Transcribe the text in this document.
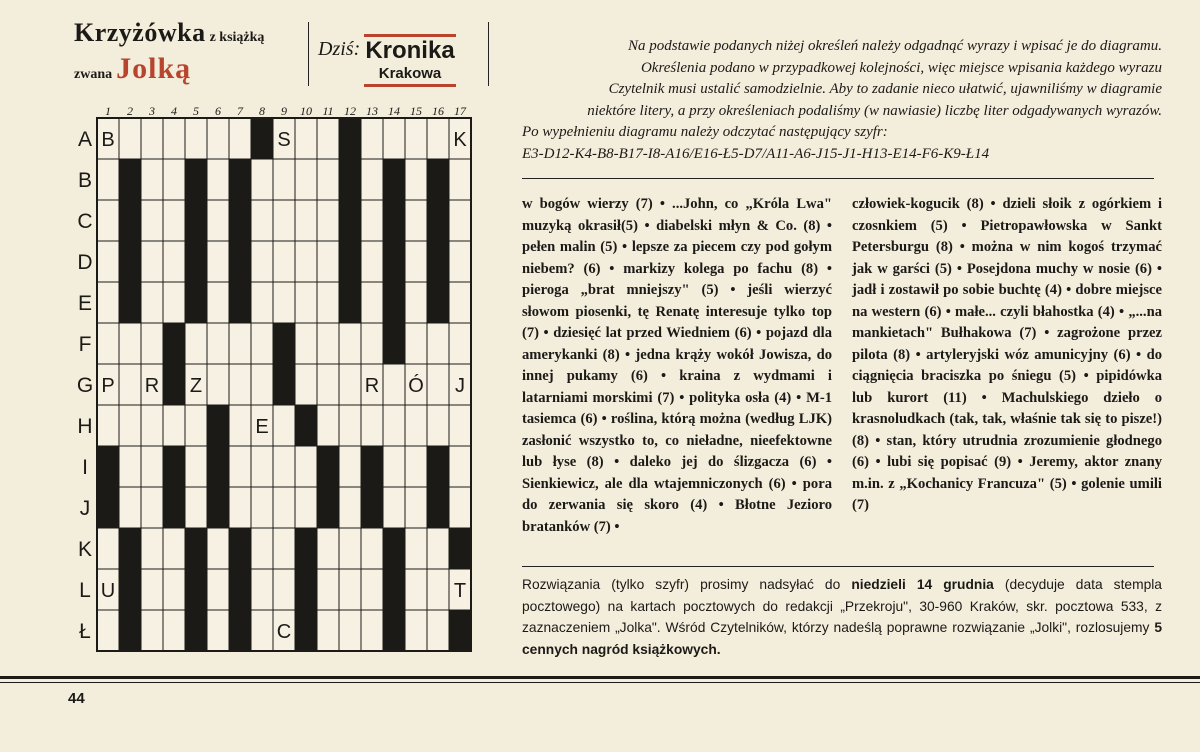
Krzyżówka z książką
zwana Jolką
Dziś: Kronika
Krakowa
Na podstawie podanych niżej określeń należy odgadnąć wyrazy i wpisać je do diagramu.
Określenia podano w przypadkowej kolejności, więc miejsce wpisania każdego wyrazu
Czytelnik musi ustalić samodzielnie. Aby to zadanie nieco ułatwić, ujawniliśmy w diagramie
niektóre litery, a przy określeniach podaliśmy (w nawiasie) liczbę liter odgadywanych wyrazów.
Po wypełnieniu diagramu należy odczytać następujący szyfr:
E3-D12-K4-B8-B17-I8-A16/E16-Ł5-D7/A11-A6-J15-J1-H13-E14-F6-K9-Ł14
1	2	3	4	5	6	7	8	9	10 11 12 13 14 15 16 17
A
B
C
D
E
F
G
H
I
J
K
L
Ł
B	S	K
P R Z	R Ó J
E K
U	T
C
w bogów wierzy (7) • ...John, co „Króla Lwa" muzyką okrasił(5) • diabelski młyn & Co. (8) • pełen malin (5) • lepsze za piecem czy pod gołym niebem? (6) • markizy kolega po fachu (8) • pieroga „brat mniejszy" (5) • jeśli wierzyć słowom piosenki, tę Renatę interesuje tylko top (7) • dziesięć lat przed Wiedniem (6) • pojazd dla amerykanki (8) • jedna krąży wokół Jowisza, do innej pukamy (6) • kraina z wydmami i latarniami morskimi (7) • polityka osła (4) • M-1 tasiemca (6) • roślina, którą można (według LJK) zasłonić wszystko to, co nieładne, nieefektowne lub łyse (8) • daleko jej do ślizgacza (6) • Sienkiewicz, ale dla wtajemniczonych (6) • pora do zerwania się skoro (4) • Błotne Jezioro bratanków (7) •
człowiek-kogucik (8) • dzieli słoik z ogórkiem i czosnkiem (5) • Pietropawłowska w Sankt Petersburgu (8) • można w nim kogoś trzymać jak w garści (5) • Posejdona muchy w nosie (6) • jadł i zostawił po sobie buchtę (4) • dobre miejsce na western (6) • małe... czyli błahostka (4) • „...na mankietach" Bułhakowa (7) • zagrożone przez pilota (8) • artyleryjski wóz amunicyjny (6) • do ciągnięcia braciszka po śniegu (5) • pipidówka lub kurort (11) • Machulskiego dzieło o krasnoludkach (tak, tak, właśnie tak się to pisze!) (8) • stan, który utrudnia zrozumienie głodnego (6) • lubi się popisać (9) • Jeremy, aktor znany m.in. z „Kochanicy Francuza" (5) • golenie umili (7)
Rozwiązania (tylko szyfr) prosimy nadsyłać do niedzieli 14 grudnia (decyduje data stempla pocztowego) na kartach pocztowych do redakcji „Przekroju", 30-960 Kraków, skr. pocztowa 533, z zaznaczeniem „Jolka". Wśród Czytelników, którzy nadeślą poprawne rozwiązanie „Jolki", rozlosujemy 5 cennych nagród książkowych.
44
